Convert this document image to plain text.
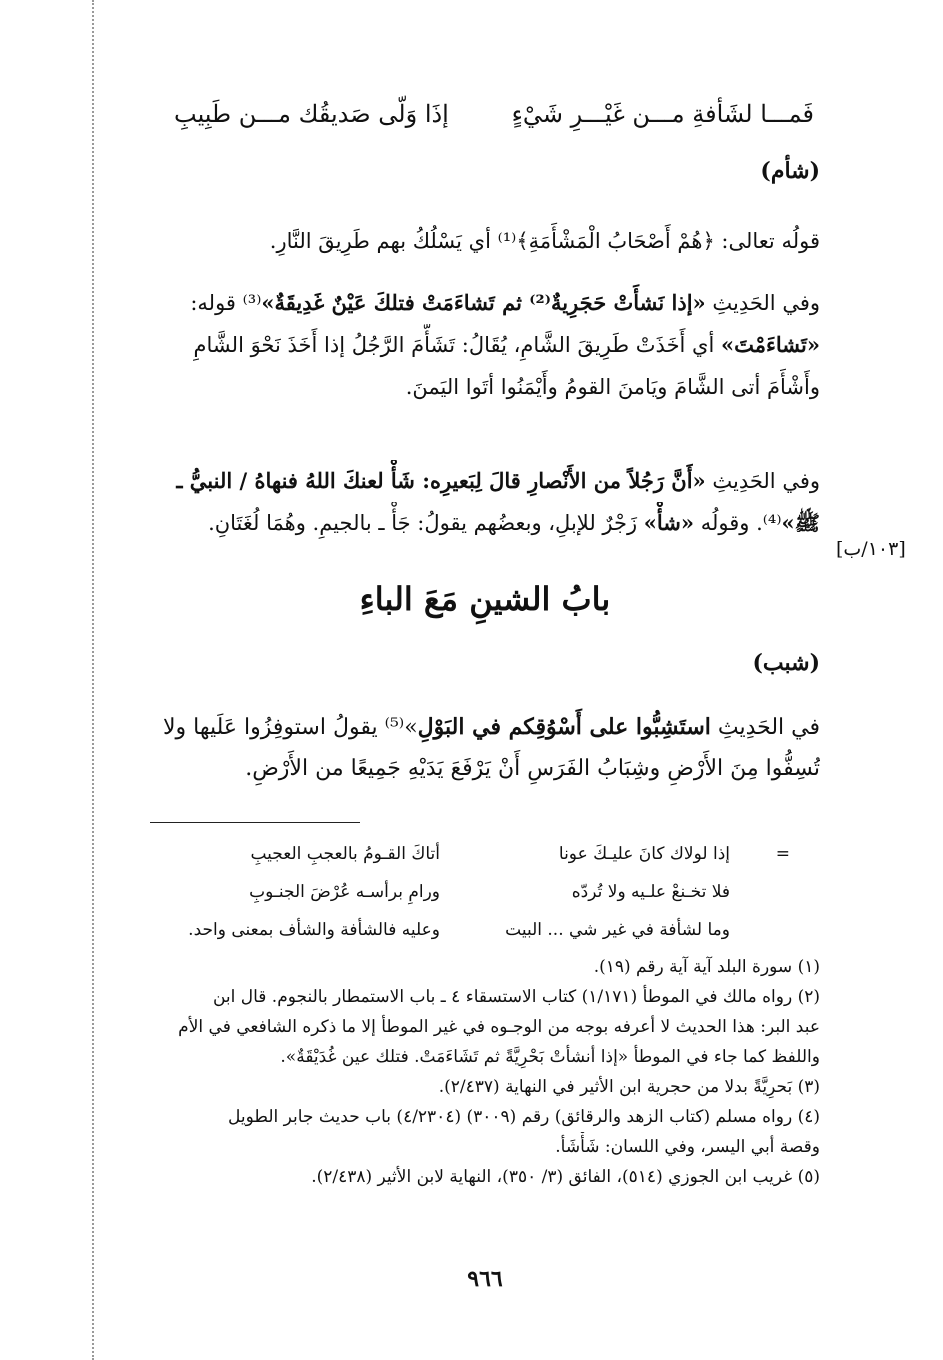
فَمـــا لشَأفةِ مـــن غَيْـــرِ شَيْءٍ
إذَا وَلّى صَديقُك مـــن طَبِيبِ
(شأم)
قولُه تعالى: ﴿هُمْ أَصْحَابُ الْمَشْأَمَةِ﴾⁽¹⁾ أي يَسْلُكُ بهم طَرِيقَ النَّارِ.
وفي الحَدِيثِ «إذا نَشأَتْ حَجَرِيةٌ⁽²⁾ ثم تَشاءَمَتْ فتلكَ عَيْنٌ غَدِيقَةٌ»⁽³⁾ قوله:
«تَشاءَمْتَ» أي أَخَذَتْ طَرِيقَ الشَّامِ، يُقَالُ: تَشَأَّمَ الرَّجُلُ إذا أَخَذَ نَحْوَ الشَّامِ
وأَشْأَمَ أتى الشَّامَ ويَامنَ القومُ وأَيْمَنُوا أتَوا اليَمنَ.
وفي الحَدِيثِ «أَنَّ رَجُلاً من الأَنْصارِ قالَ لِبَعيرِه: شَأْ لعنكَ اللهُ فنهاهُ / النبيُّ ـ
ﷺ»⁽⁴⁾. وقولُه «شأْ» زَجْرٌ للإبلِ، وبعضُهم يقولُ: جَأْ ـ بالجيمِ. وهُمَا لُغَتَانِ.
[١٠٣/ب]
بابُ الشينِ مَعَ الباءِ
(شبب)
في الحَدِيثِ استَشِبُّوا على أَسْوُقِكم في البَوْلِ»⁽⁵⁾ يقولُ استوفِزُوا عَلَيها ولا
تُسِفُّوا مِنَ الأَرْضِ وشِبَابُ الفَرَسِ أَنْ يَرْفَعَ يَدَيْهِ جَمِيعًا من الأَرْضِ.
=
إذا لولاك كانَ عليـكَ عونا
أتاكَ القـومُ بالعجبِ العجيبِ
فلا تخـنعْ علـيه ولا تُردّه
ورامِ برأسـه عُرْضَ الجنـوبِ
وما لشأفة في غير شي ... البيت
وعليه فالشأفة والشأف بمعنى واحد.
(١) سورة البلد آية آية رقم (١٩).
(٢) رواه مالك في الموطأ (١/١٧١) كتاب الاستسقاء ٤ ـ باب الاستمطار بالنجوم. قال ابن
عبد البر: هذا الحديث لا أعرفه بوجه من الوجـوه في غير الموطأ إلا ما ذكره الشافعي في الأم
واللفظ كما جاء في الموطأ «إذا أنشأتْ بَحْرِيَّةً ثم تَشَاءَمَتْ. فتلك عين غُدَيْقَةٌ».
(٣) بَحرِيَّةً بدلا من حجرية ابن الأثير في النهاية (٢/٤٣٧).
(٤) رواه مسلم (كتاب الزهد والرقائق) رقم (٣٠٠٩) (٤/٢٣٠٤) باب حديث جابر الطويل
وقصة أبي اليسر، وفي اللسان: شَأْشَأ.
(٥) غريب ابن الجوزي (٥١٤)، الفائق (٣/ ٣٥٠)، النهاية لابن الأثير (٢/٤٣٨).
٩٦٦
